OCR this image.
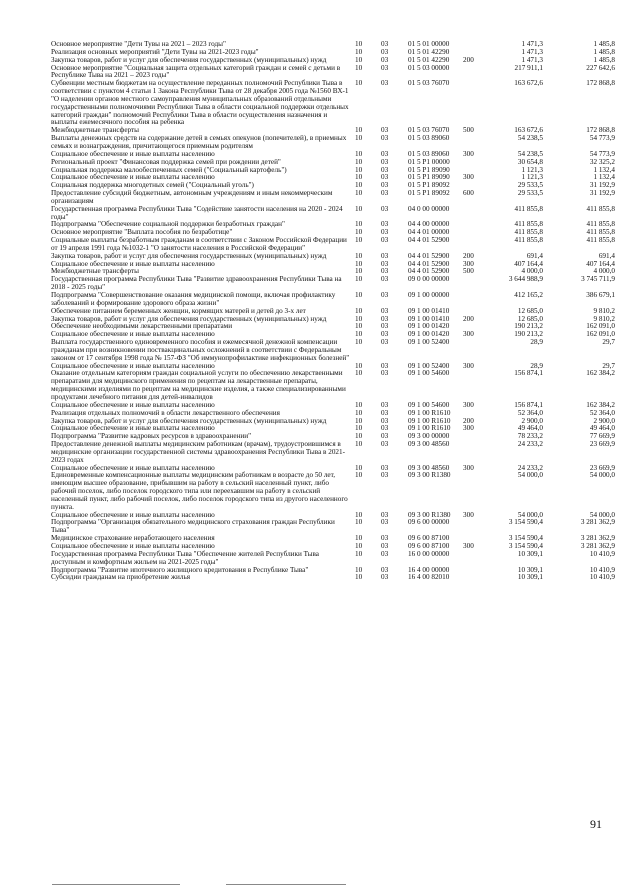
Основное мероприятие "Дети Тувы на 2021 – 2023 годы"	10	03	01 5 01 00000		1 471,3	1 485,8
Реализация основных мероприятий "Дети Тувы на 2021-2023 годы"	10	03	01 5 01 42290		1 471,3	1 485,8
Закупка товаров, работ и услуг для обеспечения государственных (муниципальных) нужд	10	03	01 5 01 42290	200	1 471,3	1 485,8
Основное мероприятие "Социальная защита отдельных категорий граждан и семей с детьми в Республике Тыва на 2021 – 2023 годы"	10	03	01 5 03 00000		217 911,1	227 642,6
Субвенции местным бюджетам на осуществление переданных полномочий Республики Тыва в соответствии с пунктом 4 статьи 1 Закона Республики Тыва от 28 декабря 2005 года №1560 ВХ-1 "О наделении органов местного самоуправления муниципальных образований отдельными государственными полномочиями Республики Тыва в области социальной поддержки отдельных категорий граждан" полномочий Республики Тыва в области осуществления назначения и выплаты ежемесячного пособия на ребенка	10	03	01 5 03 76070		163 672,6	172 868,8
Межбюджетные трансферты	10	03	01 5 03 76070	500	163 672,6	172 868,8
Выплаты денежных средств на содержание детей в семьях опекунов (попечителей), в приемных семьях и вознаграждения, причитающегося приемным родителям	10	03	01 5 03 89060		54 238,5	54 773,9
Социальное обеспечение и иные выплаты населению	10	03	01 5 03 89060	300	54 238,5	54 773,9
Региональный проект "Финансовая поддержка семей при рождении детей"	10	03	01 5 P1 00000		30 654,8	32 325,2
Социальная поддержка малообеспеченных семей ("Социальный картофель")	10	03	01 5 P1 89090		1 121,3	1 132,4
Социальное обеспечение и иные выплаты населению	10	03	01 5 P1 89090	300	1 121,3	1 132,4
Социальная поддержка многодетных семей ("Социальный уголь")	10	03	01 5 P1 89092		29 533,5	31 192,9
Предоставление субсидий бюджетным, автономным учреждениям и иным некоммерческим организациям	10	03	01 5 P1 89092	600	29 533,5	31 192,9
Государственная программа Республики Тыва "Содействие занятости населения на 2020 - 2024 годы"	10	03	04 0 00 00000		411 855,8	411 855,8
Подпрограмма "Обеспечение социальной поддержки безработных граждан"	10	03	04 4 00 00000		411 855,8	411 855,8
Основное мероприятие "Выплата пособия по безработице"	10	03	04 4 01 00000		411 855,8	411 855,8
Социальные выплаты безработным гражданам в соответствии с Законом Российской Федерации от 19 апреля 1991 года №1032-1 "О занятости населения в Российской Федерации"	10	03	04 4 01 52900		411 855,8	411 855,8
Закупка товаров, работ и услуг для обеспечения государственных (муниципальных) нужд	10	03	04 4 01 52900	200	691,4	691,4
Социальное обеспечение и иные выплаты населению	10	03	04 4 01 52900	300	407 164,4	407 164,4
Межбюджетные трансферты	10	03	04 4 01 52900	500	4 000,0	4 000,0
Государственная программа Республики Тыва "Развитие здравоохранения Республики Тыва на 2018 - 2025 годы"	10	03	09 0 00 00000		3 644 988,9	3 745 711,9
Подпрограмма "Совершенствование оказания медицинской помощи, включая профилактику заболеваний и формирование здорового образа жизни"	10	03	09 1 00 00000		412 165,2	386 679,1
Обеспечение питанием беременных женщин, кормящих матерей и детей до 3-х лет	10	03	09 1 00 01410		12 685,0	9 810,2
Закупка товаров, работ и услуг для обеспечения государственных (муниципальных) нужд	10	03	09 1 00 01410	200	12 685,0	9 810,2
Обеспечение необходимыми лекарственными препаратами	10	03	09 1 00 01420		190 213,2	162 091,0
Социальное обеспечение и иные выплаты населению	10	03	09 1 00 01420	300	190 213,2	162 091,0
Выплата государственного единовременного пособия и ежемесячной денежной компенсации гражданам при возникновении поствакцинальных осложнений в соответствии с Федеральным законом от 17 сентября 1998 года № 157-ФЗ "Об иммунопрофилактике инфекционных болезней"	10	03	09 1 00 52400		28,9	29,7
Социальное обеспечение и иные выплаты населению	10	03	09 1 00 52400	300	28,9	29,7
Оказание отдельным категориям граждан социальной услуги по обеспечению лекарственными препаратами для медицинского применения по рецептам на лекарственные препараты, медицинскими изделиями по рецептам на медицинские изделия, а также специализированными продуктами лечебного питания для детей-инвалидов	10	03	09 1 00 54600		156 874,1	162 384,2
Социальное обеспечение и иные выплаты населению	10	03	09 1 00 54600	300	156 874,1	162 384,2
Реализация отдельных полномочий в области лекарственного обеспечения	10	03	09 1 00 R1610		52 364,0	52 364,0
Закупка товаров, работ и услуг для обеспечения государственных (муниципальных) нужд	10	03	09 1 00 R1610	200	2 900,0	2 900,0
Социальное обеспечение и иные выплаты населению	10	03	09 1 00 R1610	300	49 464,0	49 464,0
Подпрограмма "Развитие кадровых ресурсов в здравоохранении"	10	03	09 3 00 00000		78 233,2	77 669,9
Предоставление денежной выплаты медицинским работникам (врачам), трудоустроившимся в медицинские организации государственной системы здравоохранения Республики Тыва в 2021-2023 годах	10	03	09 3 00 48560		24 233,2	23 669,9
Социальное обеспечение и иные выплаты населению	10	03	09 3 00 48560	300	24 233,2	23 669,9
Единовременные компенсационные выплаты медицинским работникам в возрасте до 50 лет, имеющим высшее образование, прибывшим на работу в сельский населенный пункт, либо рабочий поселок, либо поселок городского типа или переехавшим на работу в сельский населенный пункт, либо рабочий поселок, либо поселок городского типа из другого населенного пункта.	10	03	09 3 00 R1380		54 000,0	54 000,0
Социальное обеспечение и иные выплаты населению	10	03	09 3 00 R1380	300	54 000,0	54 000,0
Подпрограмма "Организация обязательного медицинского страхования граждан Республики Тыва"	10	03	09 6 00 00000		3 154 590,4	3 281 362,9
Медицинское страхование неработающего населения	10	03	09 6 00 87100		3 154 590,4	3 281 362,9
Социальное обеспечение и иные выплаты населению	10	03	09 6 00 87100	300	3 154 590,4	3 281 362,9
Государственная программа Республики Тыва "Обеспечение жителей Республики Тыва доступным и комфортным жильем на 2021-2025 годы"	10	03	16 0 00 00000		10 309,1	10 410,9
Подпрограмма "Развитие ипотечного жилищного кредитования в Республике Тыва"	10	03	16 4 00 00000		10 309,1	10 410,9
Субсидии гражданам на приобретение жилья	10	03	16 4 00 82010		10 309,1	10 410,9
91
